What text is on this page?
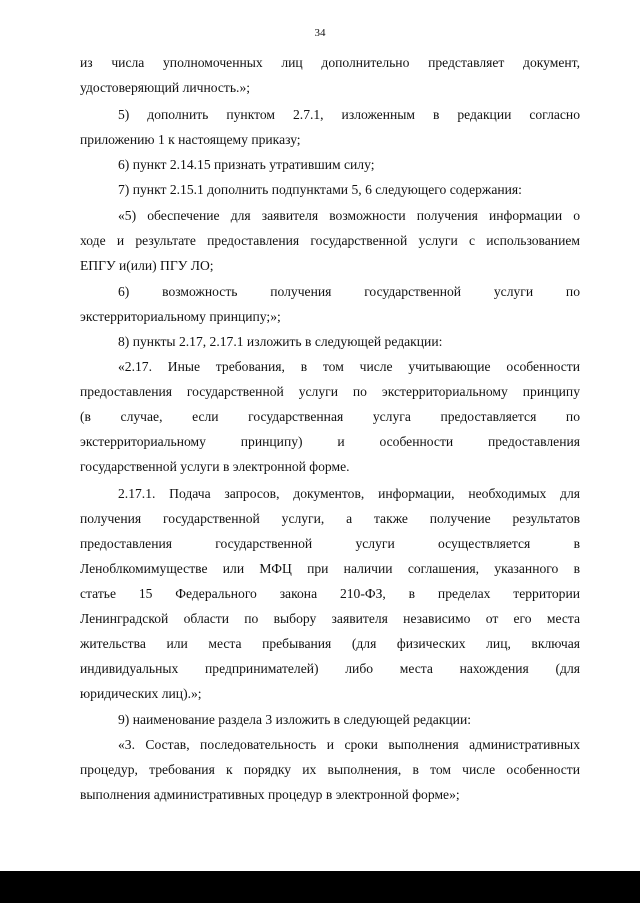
34
из числа уполномоченных лиц дополнительно представляет документ,
удостоверяющий личность.»;
5) дополнить пунктом 2.7.1, изложенным в редакции согласно
приложению 1 к настоящему приказу;
6) пункт 2.14.15 признать утратившим силу;
7) пункт 2.15.1 дополнить подпунктами 5, 6 следующего содержания:
«5) обеспечение для заявителя возможности получения информации о
ходе и результате предоставления государственной услуги с использованием
ЕПГУ и(или) ПГУ ЛО;
6) возможность получения государственной услуги по
экстерриториальному принципу;»;
8) пункты 2.17, 2.17.1 изложить в следующей редакции:
«2.17. Иные требования, в том числе учитывающие особенности
предоставления государственной услуги по экстерриториальному принципу
(в случае, если государственная услуга предоставляется по
экстерриториальному принципу) и особенности предоставления
государственной услуги в электронной форме.
2.17.1. Подача запросов, документов, информации, необходимых для
получения государственной услуги, а также получение результатов
предоставления государственной услуги осуществляется в
Леноблкомимуществе или МФЦ при наличии соглашения, указанного в
статье 15 Федерального закона 210-ФЗ, в пределах территории
Ленинградской области по выбору заявителя независимо от его места
жительства или места пребывания (для физических лиц, включая
индивидуальных предпринимателей) либо места нахождения (для
юридических лиц).»;
9) наименование раздела 3 изложить в следующей редакции:
«3. Состав, последовательность и сроки выполнения административных
процедур, требования к порядку их выполнения, в том числе особенности
выполнения административных процедур в электронной форме»;
